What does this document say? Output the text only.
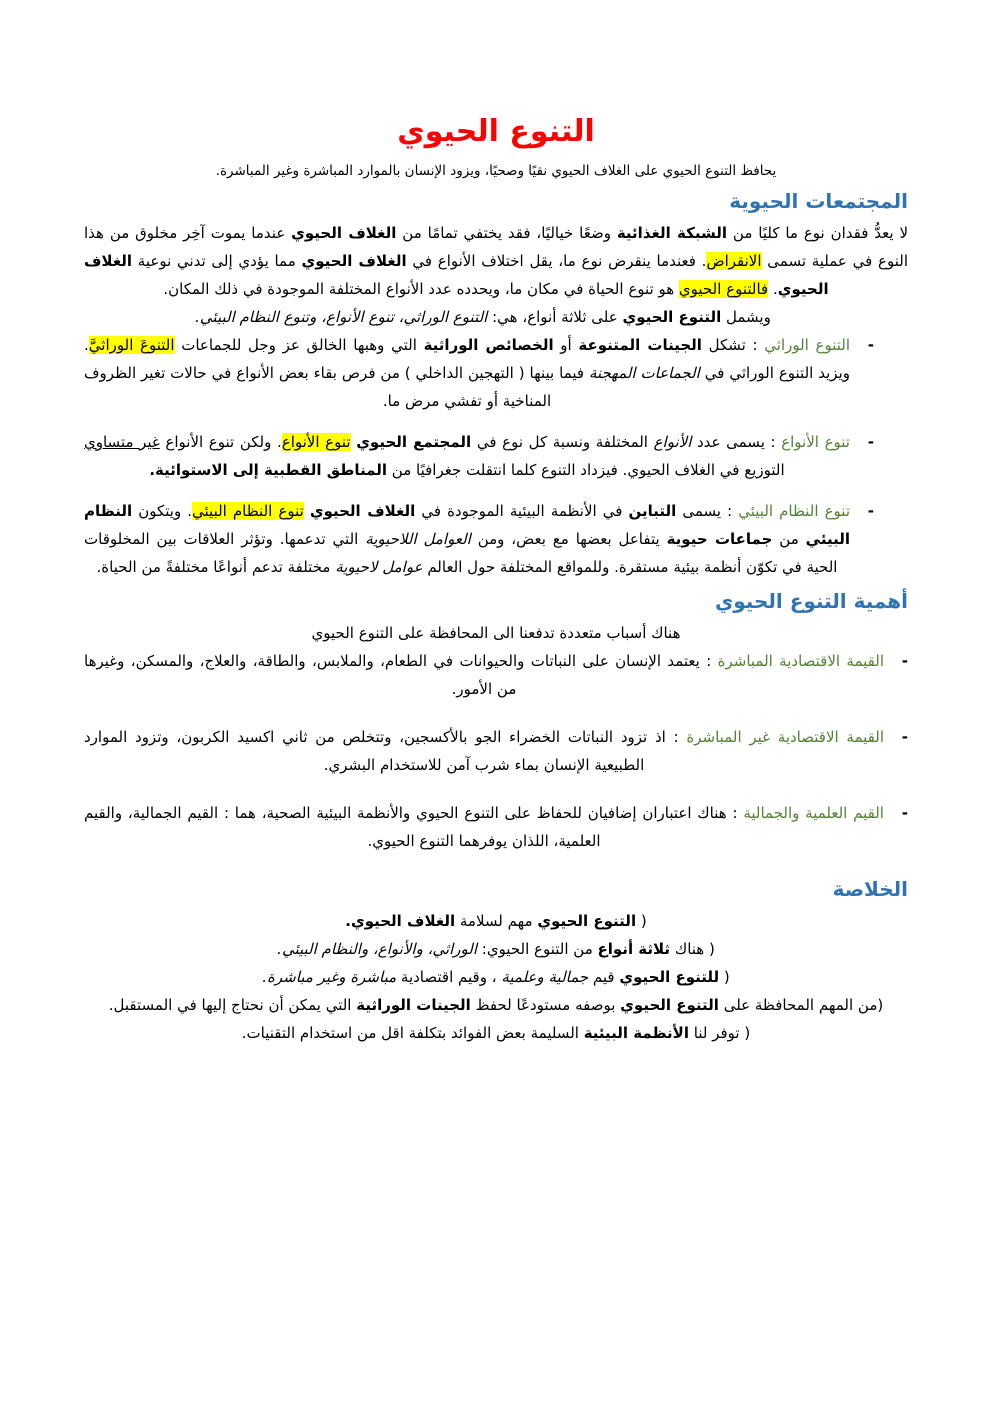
التنوع الحيوي

يحافظ التنوع الحيوي على الغلاف الحيوي نقيًا وصحيًا، ويزود الإنسان بالموارد المباشرة وغير المباشرة.

المجتمعات الحيوية

لا يعدُّ فقدان نوع ما كليًا من الشبكة الغذائية وضعًا خياليًا، فقد يختفي تمامًا من الغلاف الحيوي عندما يموت آخِر مخلوق من هذا النوع في عملية تسمى الانقراض. فعندما ينقرض نوع ما، يقل اختلاف الأنواع في الغلاف الحيوي مما يؤدي إلى تدني نوعية الغلاف الحيوي. فالتنوع الحيوي هو تنوع الحياة في مكان ما، ويحدده عدد الأنواع المختلفة الموجودة في ذلك المكان.

ويشمل التنوع الحيوي على ثلاثة أنواع، هي: التنوع الوراثي، تنوع الأنواع، وتنوع النظام البيئي.

-
التنوع الوراثي : تشكل الجينات المتنوعة أو الخصائص الوراثية التي وهبها الخالق عز وجل للجماعات التنوعَ الوراثيَّ. ويزيد التنوع الوراثي في الجماعات المهجنة فيما بينها ( التهجين الداخلي ) من فرص بقاء بعض الأنواع في حالات تغير الظروف المناخية أو تفشي مرض ما.
-
تنوع الأنواع : يسمى عدد الأنواع المختلفة ونسبة كل نوع في المجتمع الحيوي تنوع الأنواع. ولكن تنوع الأنواع غير متساوي التوزيع في الغلاف الحيوي. فيزداد التنوع كلما انتقلت جغرافيًا من المناطق القطبية إلى الاستوائية.
-
تنوع النظام البيئي : يسمى التباين في الأنظمة البيئية الموجودة في الغلاف الحيوي تنوع النظام البيئي. ويتكون النظام البيئي من جماعات حيوية يتفاعل بعضها مع بعض، ومن العوامل اللاحيوية التي تدعمها. وتؤثر العلاقات بين المخلوقات الحية في تكوّن أنظمة بيئية مستقرة. وللمواقع المختلفة حول العالم عوامل لاحيوية مختلفة تدعم أنواعًا مختلفةً من الحياة.
أهمية التنوع الحيوي

هناك أسباب متعددة تدفعنا الى المحافظة على التنوع الحيوي

-
القيمة الاقتصادية المباشرة : يعتمد الإنسان على النباتات والحيوانات في الطعام، والملابس، والطاقة، والعلاج، والمسكن، وغيرها من الأمور.
-
القيمة الاقتصادية غير المباشرة : اذ تزود النباتات الخضراء الجو بالأكسجين، وتتخلص من ثاني اكسيد الكربون، وتزود الموارد الطبيعية الإنسان بماء شرب آمن للاستخدام البشري.
-
القيم العلمية والجمالية : هناك اعتباران إضافيان للحفاظ على التنوع الحيوي والأنظمة البيئية الصحية، هما : القيم الجمالية، والقيم العلمية، اللذان يوفرهما التنوع الحيوي.
الخلاصة

( التنوع الحيوي مهم لسلامة الغلاف الحيوي.

( هناك ثلاثة أنواع من التنوع الحيوي: الوراثي، والأنواع، والنظام البيئي.

( للتنوع الحيوي قيم جمالية وعلمية ، وقيم اقتصادية مباشرة وغير مباشرة.

(من المهم المحافظة على التنوع الحيوي بوصفه مستودعًا لحفظ الجينات الوراثية التي يمكن أن نحتاج إليها في المستقبل.

( توفر لنا الأنظمة البيئية السليمة بعض الفوائد بتكلفة اقل من استخدام التقنيات.
